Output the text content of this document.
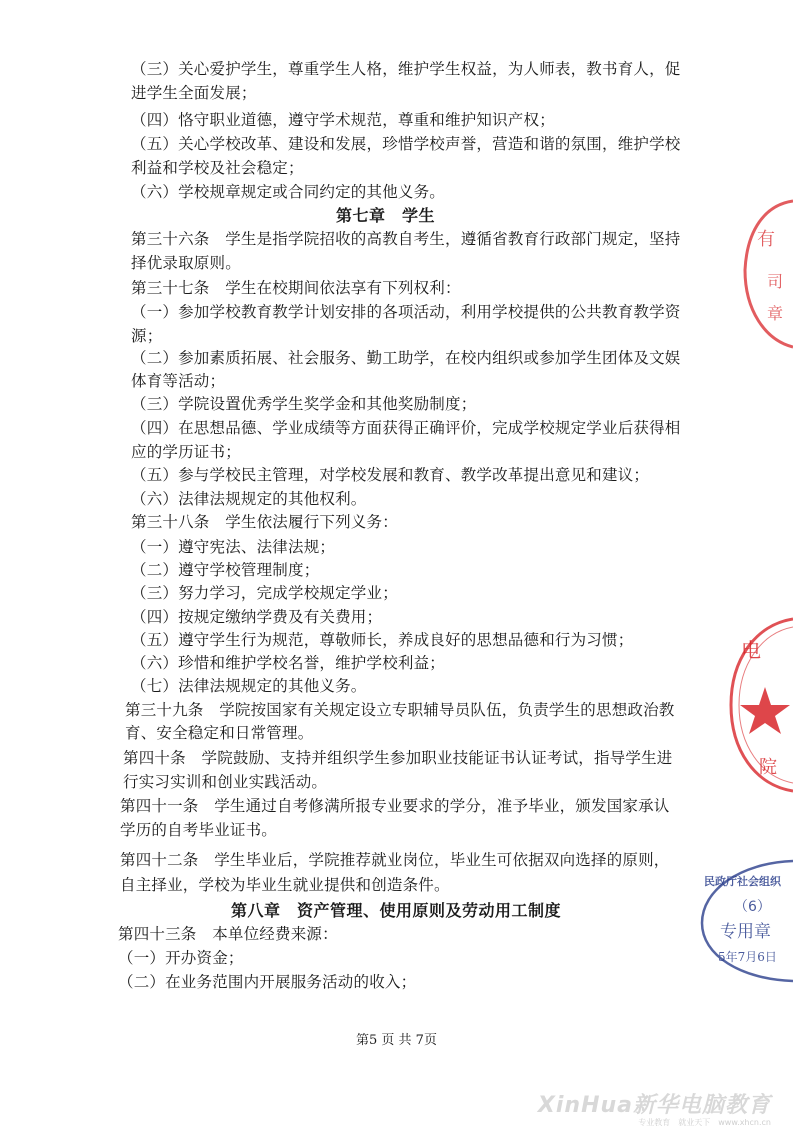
（三）关心爱护学生，尊重学生人格，维护学生权益，为人师表，教书育人，促
进学生全面发展；
（四）恪守职业道德，遵守学术规范，尊重和维护知识产权；
（五）关心学校改革、建设和发展，珍惜学校声誉，营造和谐的氛围，维护学校
利益和学校及社会稳定；
（六）学校规章规定或合同约定的其他义务。
第七章　学生
第三十六条　学生是指学院招收的高教自考生，遵循省教育行政部门规定，坚持
择优录取原则。
第三十七条　学生在校期间依法享有下列权利：
（一）参加学校教育教学计划安排的各项活动，利用学校提供的公共教育教学资
源；
（二）参加素质拓展、社会服务、勤工助学，在校内组织或参加学生团体及文娱
体育等活动；
（三）学院设置优秀学生奖学金和其他奖励制度；
（四）在思想品德、学业成绩等方面获得正确评价，完成学校规定学业后获得相
应的学历证书；
（五）参与学校民主管理，对学校发展和教育、教学改革提出意见和建议；
（六）法律法规规定的其他权利。
第三十八条　学生依法履行下列义务：
（一）遵守宪法、法律法规；
（二）遵守学校管理制度；
（三）努力学习，完成学校规定学业；
（四）按规定缴纳学费及有关费用；
（五）遵守学生行为规范，尊敬师长，养成良好的思想品德和行为习惯；
（六）珍惜和维护学校名誉，维护学校利益；
（七）法律法规规定的其他义务。
第三十九条　学院按国家有关规定设立专职辅导员队伍，负责学生的思想政治教
育、安全稳定和日常管理。
第四十条　学院鼓励、支持并组织学生参加职业技能证书认证考试，指导学生进
行实习实训和创业实践活动。
第四十一条　学生通过自考修满所报专业要求的学分，准予毕业，颁发国家承认
学历的自考毕业证书。
第四十二条　学生毕业后，学院推荐就业岗位，毕业生可依据双向选择的原则，
自主择业，学校为毕业生就业提供和创造条件。
第八章　资产管理、使用原则及劳动用工制度
第四十三条　本单位经费来源：
（一）开办资金；
（二）在业务范围内开展服务活动的收入；
第5 页 共 7页
XinHua新华电脑教育
专业教育　就业天下　www.xhcn.cn
有
司
章
电
院
民政厅社会组织
（6）
专用章
5年7月6日
